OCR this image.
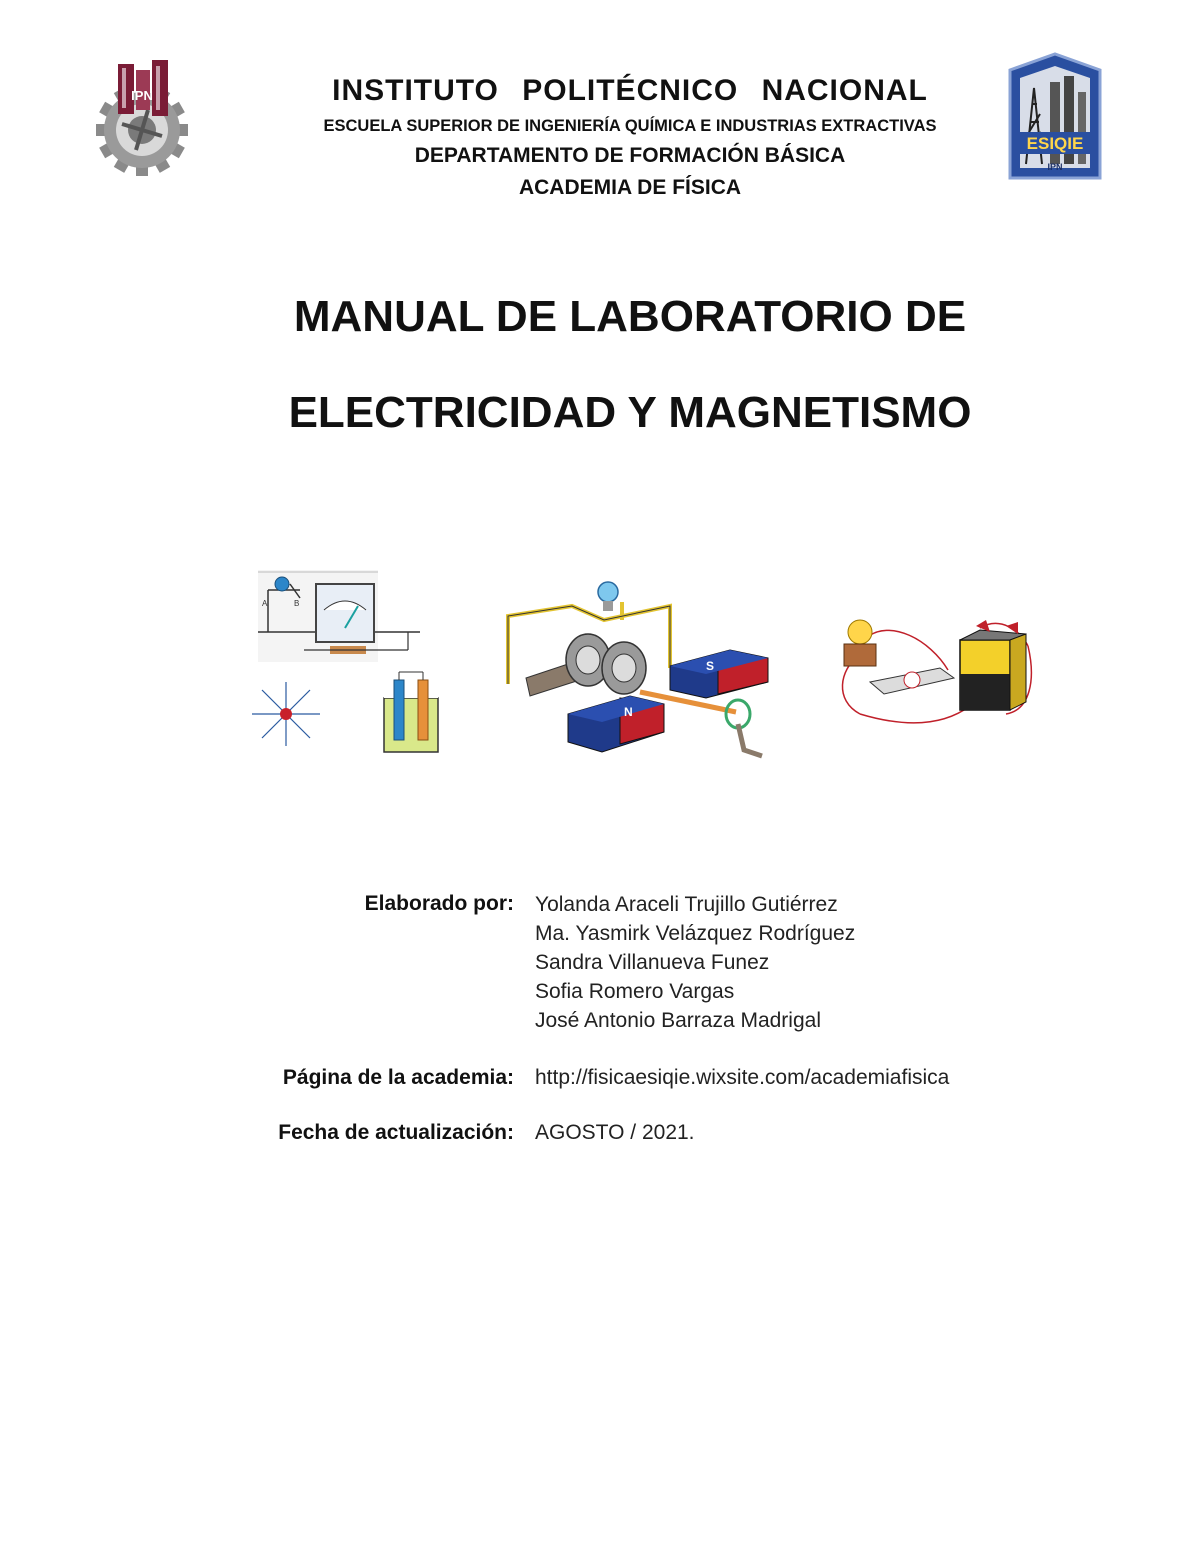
IPN
ESIQIE
IPN
INSTITUTO POLITÉCNICO NACIONAL
ESCUELA SUPERIOR DE INGENIERÍA QUÍMICA E INDUSTRIAS EXTRACTIVAS
DEPARTAMENTO DE FORMACIÓN BÁSICA
ACADEMIA DE FÍSICA
MANUAL DE LABORATORIO DE
ELECTRICIDAD Y MAGNETISMO
A	B
S
N
Elaborado por: Yolanda Araceli Trujillo Gutiérrez
Ma. Yasmirk Velázquez Rodríguez
Sandra Villanueva Funez
Sofia Romero Vargas
José Antonio Barraza Madrigal
Página de la academia: http://fisicaesiqie.wixsite.com/academiafisica
Fecha de actualización: AGOSTO / 2021.
